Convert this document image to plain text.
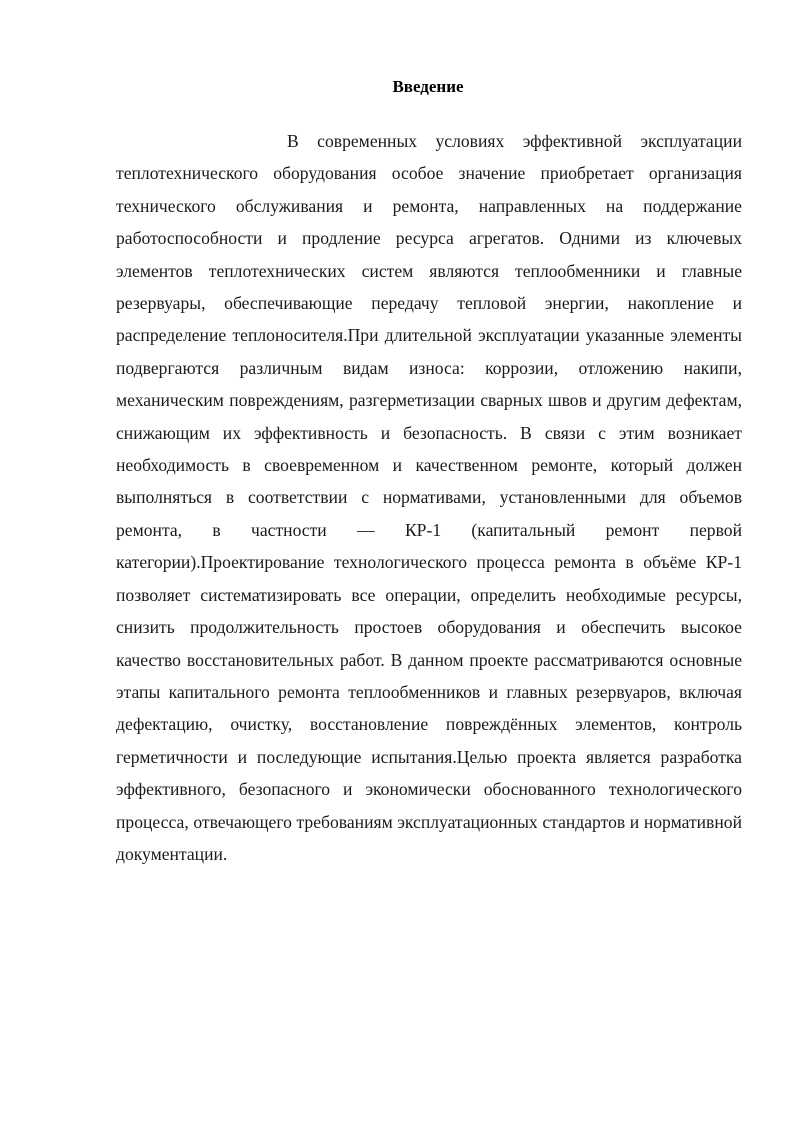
Введение

В современных условиях эффективной эксплуатации теплотехнического оборудования особое значение приобретает организация технического обслуживания и ремонта, направленных на поддержание работоспособности и продление ресурса агрегатов. Одними из ключевых элементов теплотехнических систем являются теплообменники и главные резервуары, обеспечивающие передачу тепловой энергии, накопление и распределение теплоносителя.При длительной эксплуатации указанные элементы подвергаются различным видам износа: коррозии, отложению накипи, механическим повреждениям, разгерметизации сварных швов и другим дефектам, снижающим их эффективность и безопасность. В связи с этим возникает необходимость в своевременном и качественном ремонте, который должен выполняться в соответствии с нормативами, установленными для объемов ремонта, в частности — КР-1 (капитальный ремонт первой категории).Проектирование технологического процесса ремонта в объёме КР-1 позволяет систематизировать все операции, определить необходимые ресурсы, снизить продолжительность простоев оборудования и обеспечить высокое качество восстановительных работ. В данном проекте рассматриваются основные этапы капитального ремонта теплообменников и главных резервуаров, включая дефектацию, очистку, восстановление повреждённых элементов, контроль герметичности и последующие испытания.Целью проекта является разработка эффективного, безопасного и экономически обоснованного технологического процесса, отвечающего требованиям эксплуатационных стандартов и нормативной документации.
